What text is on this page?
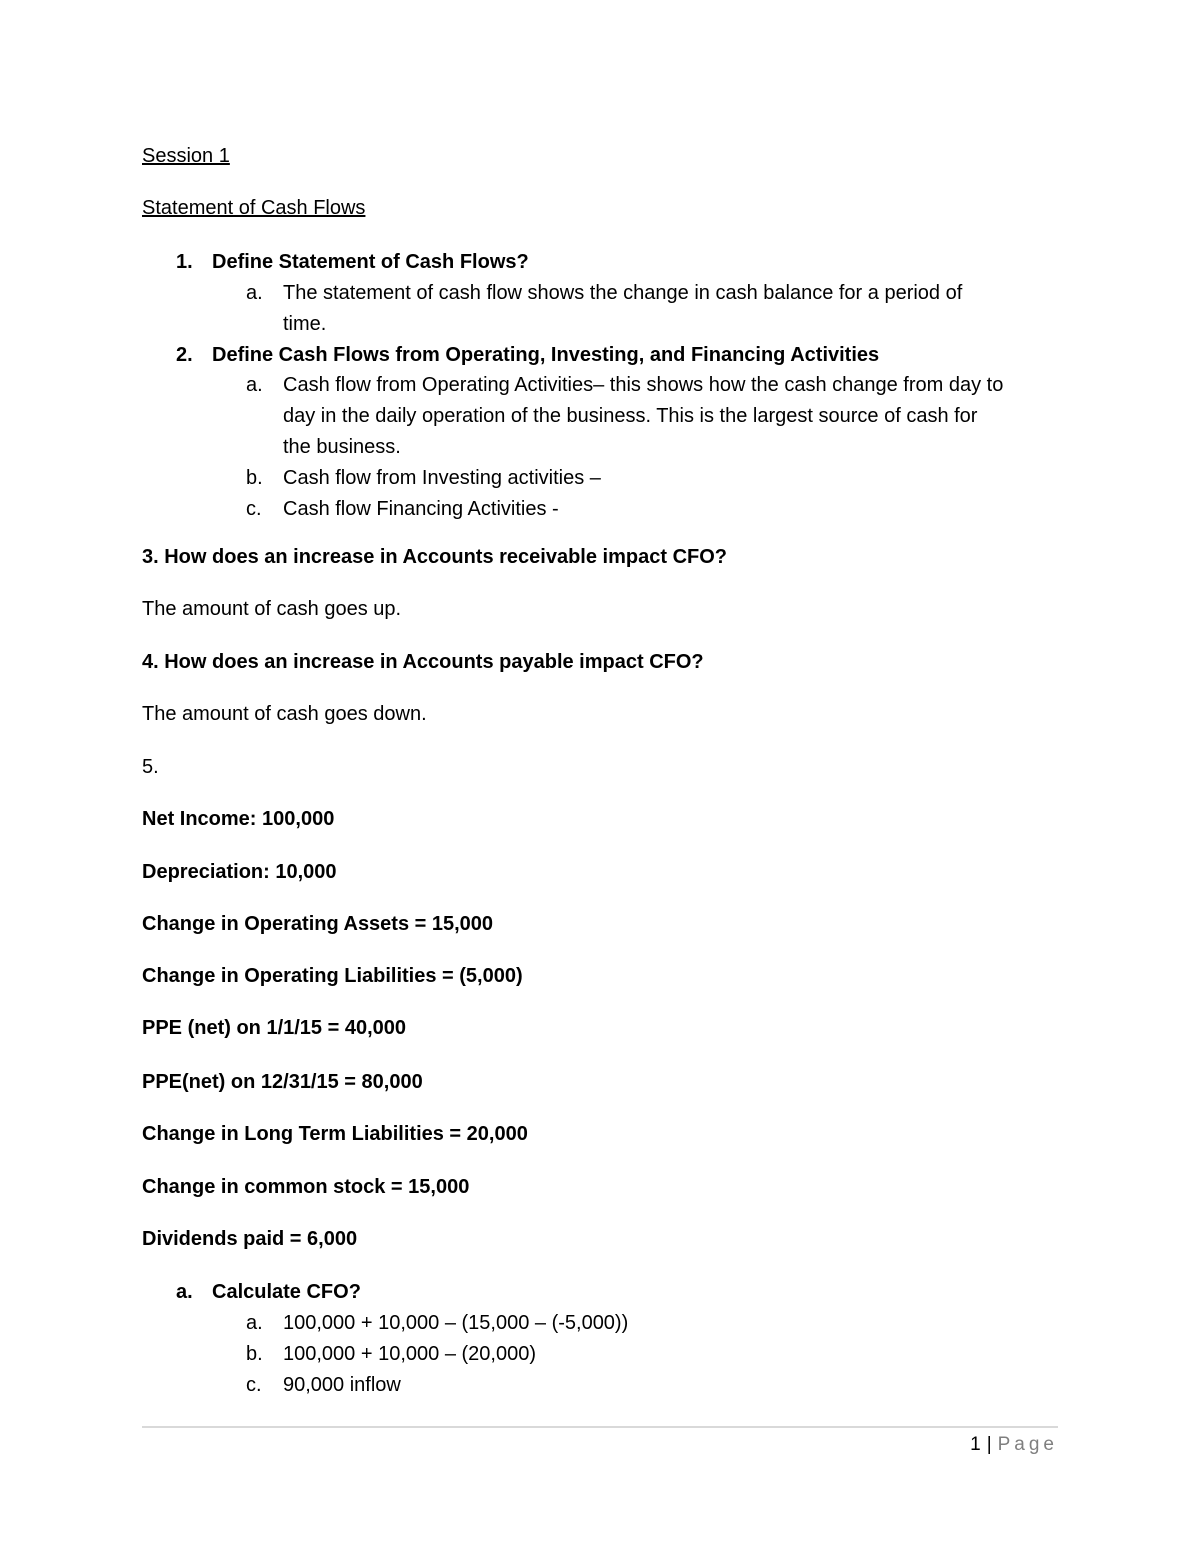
Session 1
Statement of Cash Flows
1. Define Statement of Cash Flows?
a.	The statement of cash flow shows the change in cash balance for a period of
time.
2. Define Cash Flows from Operating, Investing, and Financing Activities
a.	Cash flow from Operating Activities– this shows how the cash change from day to
day in the daily operation of the business. This is the largest source of cash for
the business.
b.	Cash flow from Investing activities –
c.	Cash flow Financing Activities -
3. How does an increase in Accounts receivable impact CFO?
The amount of cash goes up.
4. How does an increase in Accounts payable impact CFO?
The amount of cash goes down.
5.
Net Income: 100,000
Depreciation: 10,000
Change in Operating Assets = 15,000
Change in Operating Liabilities = (5,000)
PPE (net) on 1/1/15 = 40,000
PPE(net) on 12/31/15 = 80,000
Change in Long Term Liabilities = 20,000
Change in common stock = 15,000
Dividends paid = 6,000
a. Calculate CFO?
a.	100,000 + 10,000 – (15,000 – (-5,000))
b.	100,000 + 10,000 – (20,000)
c.	90,000 inflow
1 | Page
